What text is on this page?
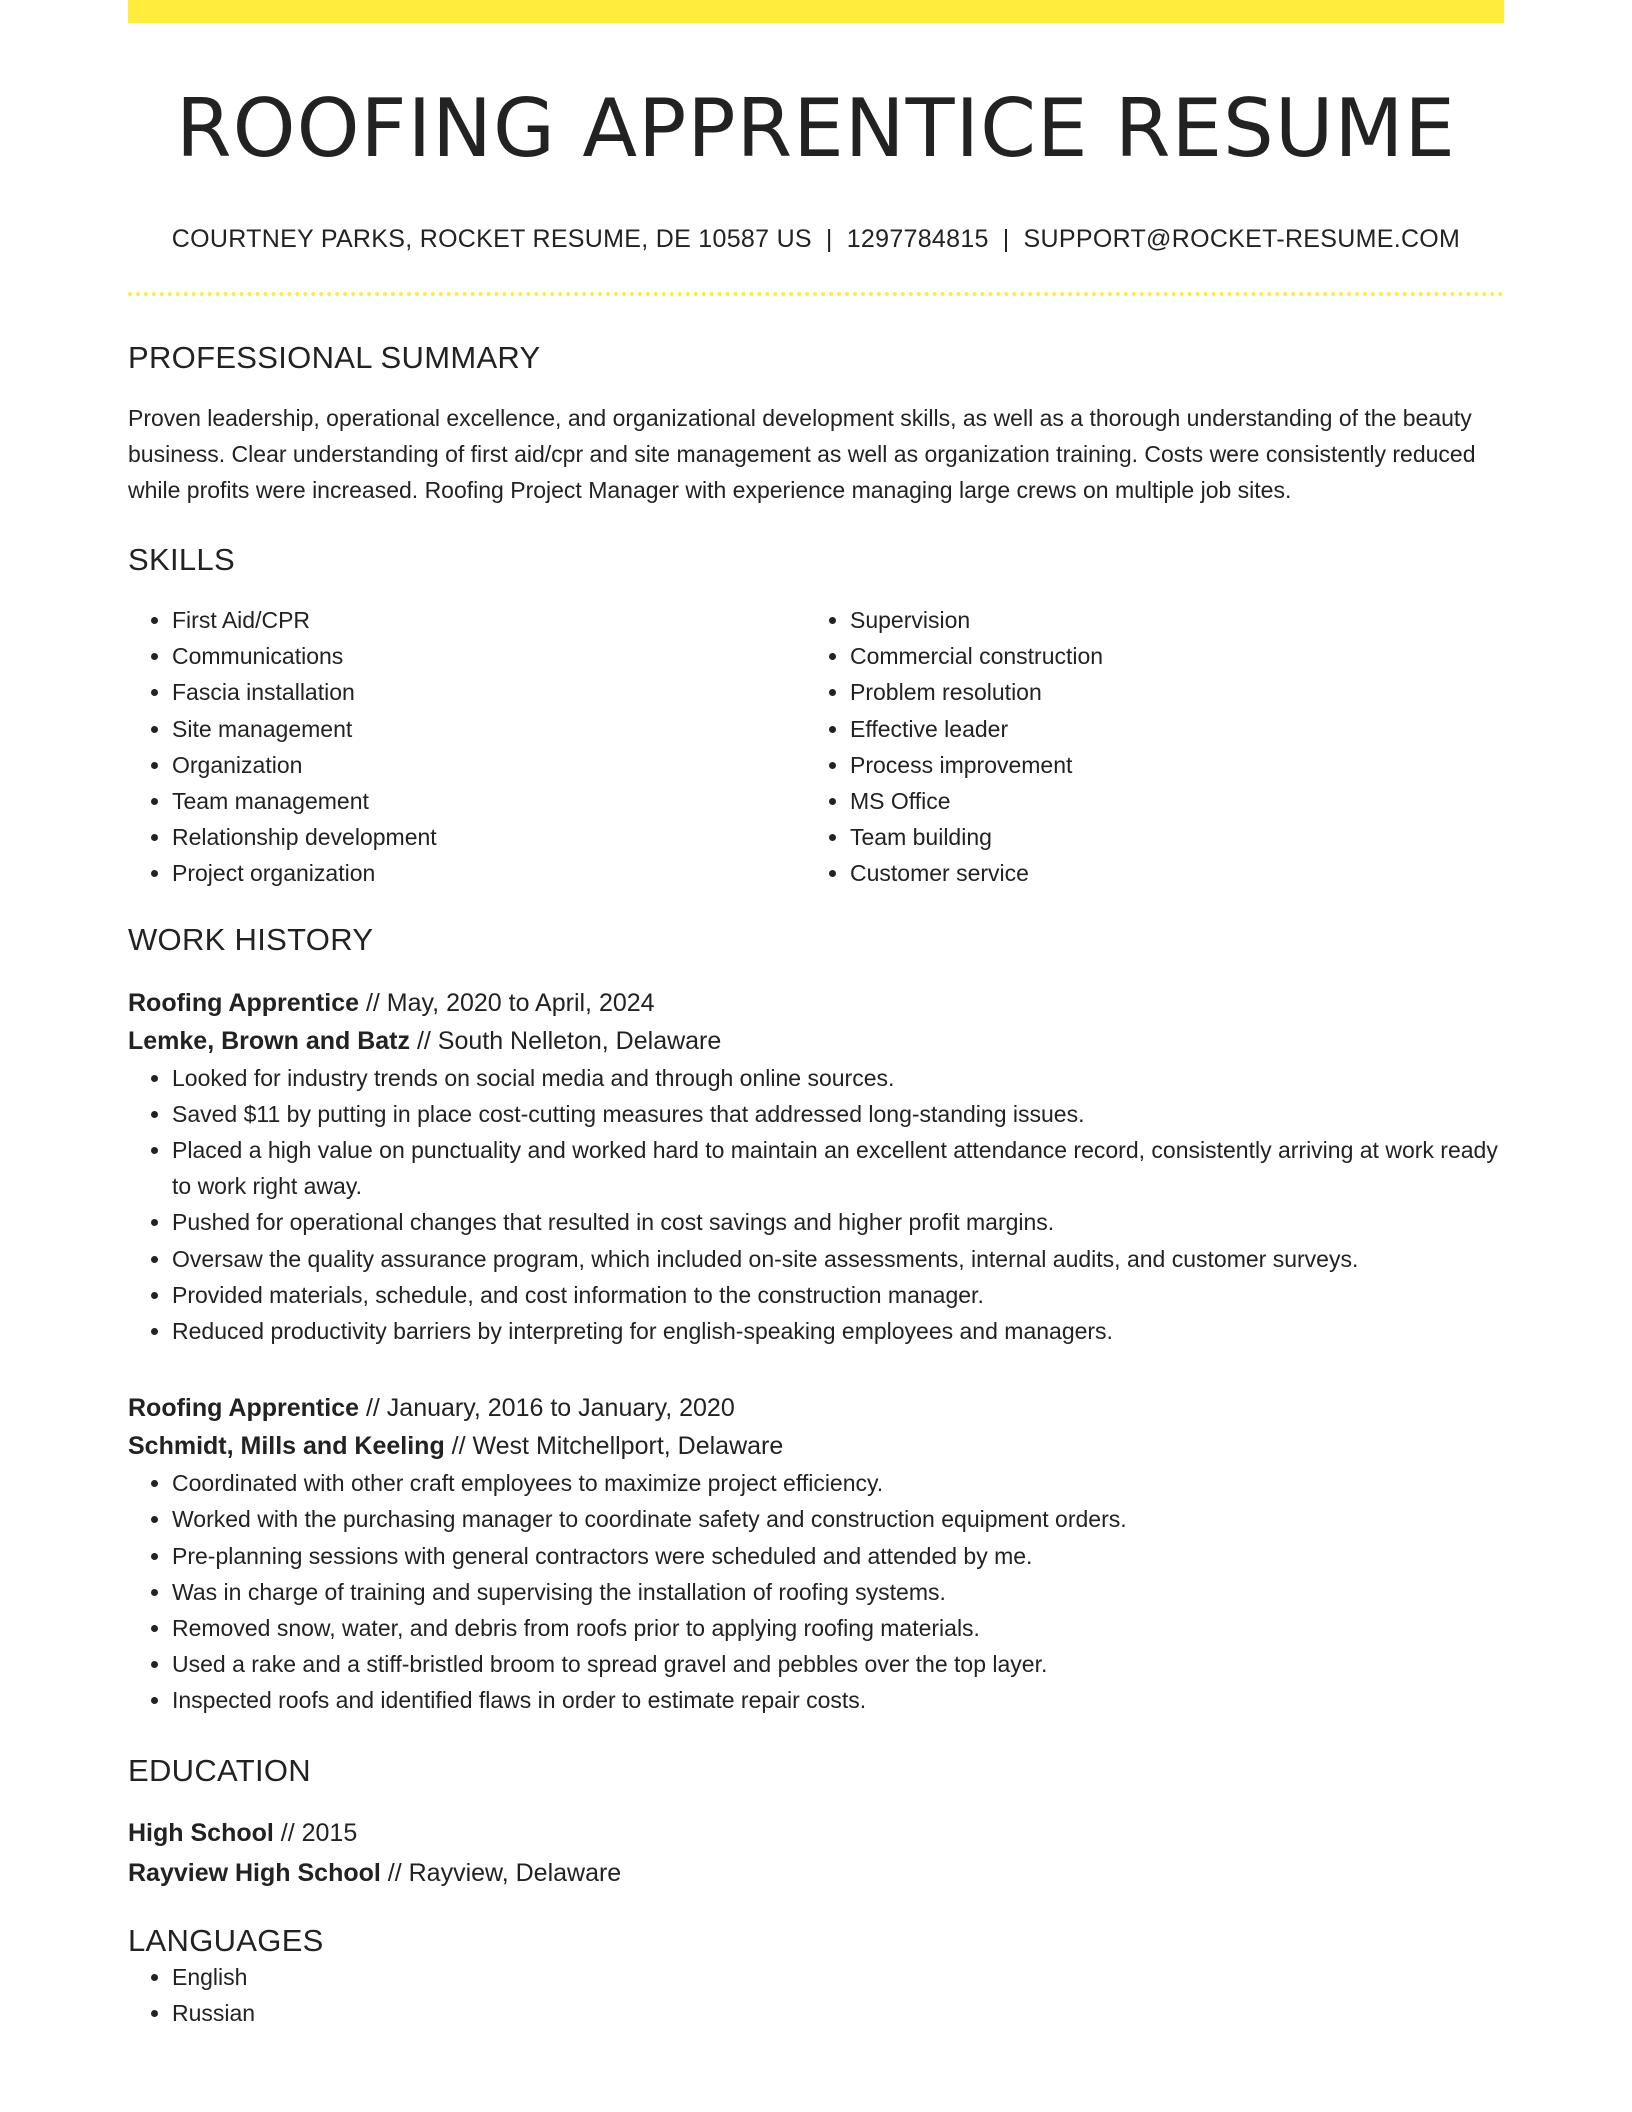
ROOFING APPRENTICE RESUME
COURTNEY PARKS, ROCKET RESUME, DE 10587 US | 1297784815 | SUPPORT@ROCKET-RESUME.COM
PROFESSIONAL SUMMARY

Proven leadership, operational excellence, and organizational development skills, as well as a thorough understanding of the beauty business. Clear understanding of first aid/cpr and site management as well as organization training. Costs were consistently reduced while profits were increased. Roofing Project Manager with experience managing large crews on multiple job sites.

SKILLS
• First Aid/CPR
• Communications
• Fascia installation
• Site management
• Organization
• Team management
• Relationship development
• Project organization
• Supervision
• Commercial construction
• Problem resolution
• Effective leader
• Process improvement
• MS Office
• Team building
• Customer service
WORK HISTORY
Roofing Apprentice // May, 2020 to April, 2024
Lemke, Brown and Batz // South Nelleton, Delaware
• Looked for industry trends on social media and through online sources.
• Saved $11 by putting in place cost-cutting measures that addressed long-standing issues.
• Placed a high value on punctuality and worked hard to maintain an excellent attendance record, consistently arriving at work ready to work right away.
• Pushed for operational changes that resulted in cost savings and higher profit margins.
• Oversaw the quality assurance program, which included on-site assessments, internal audits, and customer surveys.
• Provided materials, schedule, and cost information to the construction manager.
• Reduced productivity barriers by interpreting for english-speaking employees and managers.
Roofing Apprentice // January, 2016 to January, 2020
Schmidt, Mills and Keeling // West Mitchellport, Delaware
• Coordinated with other craft employees to maximize project efficiency.
• Worked with the purchasing manager to coordinate safety and construction equipment orders.
• Pre-planning sessions with general contractors were scheduled and attended by me.
• Was in charge of training and supervising the installation of roofing systems.
• Removed snow, water, and debris from roofs prior to applying roofing materials.
• Used a rake and a stiff-bristled broom to spread gravel and pebbles over the top layer.
• Inspected roofs and identified flaws in order to estimate repair costs.
EDUCATION
High School // 2015
Rayview High School // Rayview, Delaware
LANGUAGES
• English
• Russian
